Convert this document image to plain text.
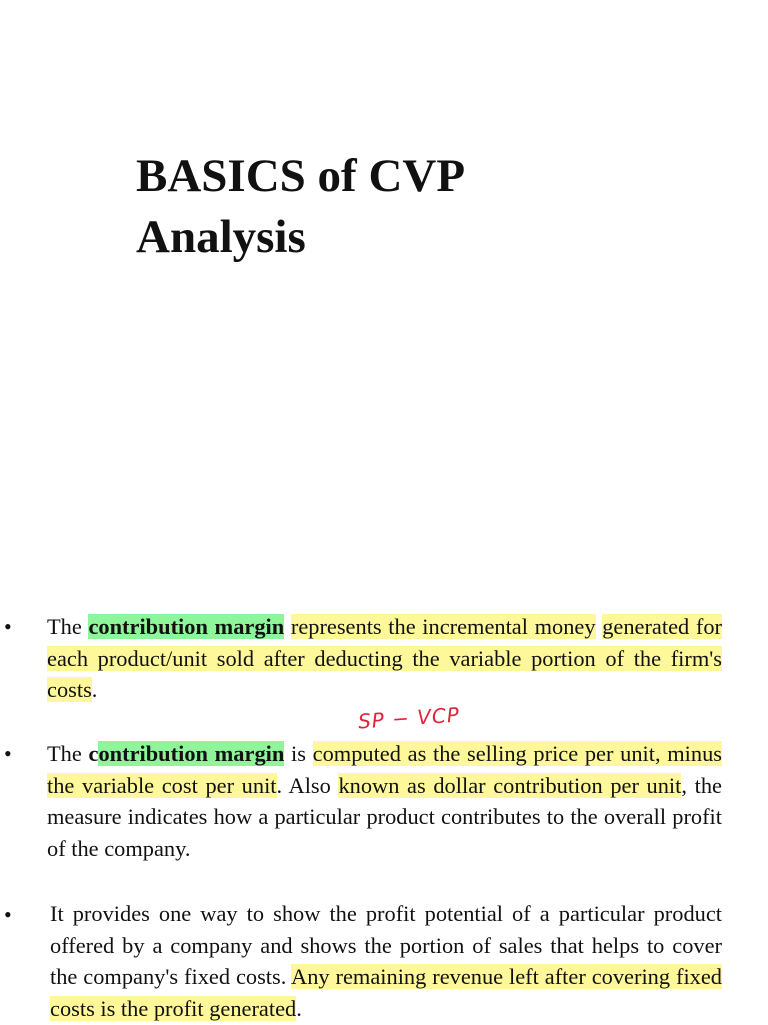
BASICS of CVP
Analysis
• The contribution margin represents the incremental money generated for each product/unit sold after deducting the variable portion of the firm's costs.

SP − VCP
• The contribution margin is computed as the selling price per unit, minus the variable cost per unit. Also known as dollar contribution per unit, the measure indicates how a particular product contributes to the overall profit of the company.

• It provides one way to show the profit potential of a particular product offered by a company and shows the portion of sales that helps to cover the company's fixed costs. Any remaining revenue left after covering fixed costs is the profit generated.
